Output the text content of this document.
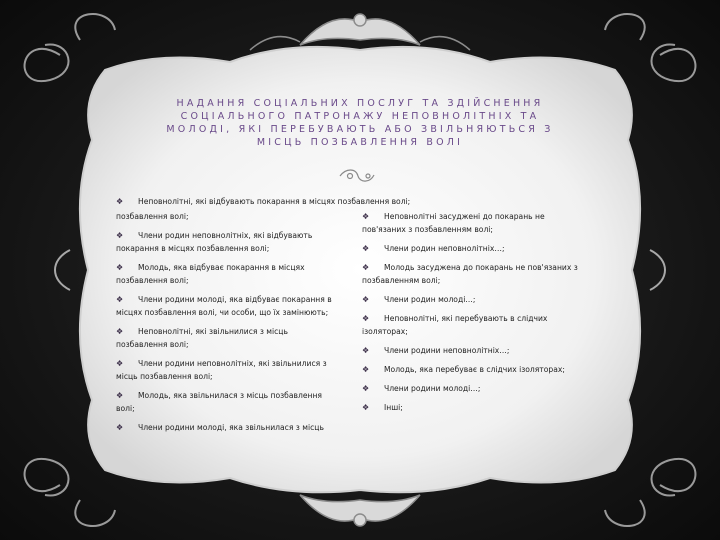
НАДАННЯ СОЦІАЛЬНИХ ПОСЛУГ ТА ЗДІЙСНЕННЯ
СОЦІАЛЬНОГО ПАТРОНАЖУ НЕПОВНОЛІТНІХ ТА
МОЛОДІ, ЯКІ ПЕРЕБУВАЮТЬ АБО ЗВІЛЬНЯЮТЬСЯ З
МІСЦЬ ПОЗБАВЛЕННЯ ВОЛІ
❖ Неповнолітні, які відбувають покарання в місцях позбавлення волі;
позбавлення волі;
❖ Члени родин неповнолітніх, які відбувають
покарання в місцях позбавлення волі;
❖ Молодь, яка відбуває покарання в місцях
позбавлення волі;
❖ Члени родини молоді, яка відбуває покарання в
місцях позбавлення волі, чи особи, що їх замінюють;
❖ Неповнолітні, які звільнилися з місць
позбавлення волі;
❖ Члени родини неповнолітніх, які звільнилися з
місць позбавлення волі;
❖ Молодь, яка звільнилася з місць позбавлення
волі;
❖ Члени родини молоді, яка звільнилася з місць
❖ Неповнолітні засуджені до покарань не
пов'язаних з позбавленням волі;
❖ Члени родин неповнолітніх…;
❖ Молодь засуджена до покарань не пов'язаних з
позбавленням волі;
❖ Члени родин молоді…;
❖ Неповнолітні, які перебувають в слідчих
ізоляторах;
❖ Члени родини неповнолітніх…;
❖ Молодь, яка перебуває в слідчих ізоляторах;
❖ Члени родини молоді…;
❖ Інші;
